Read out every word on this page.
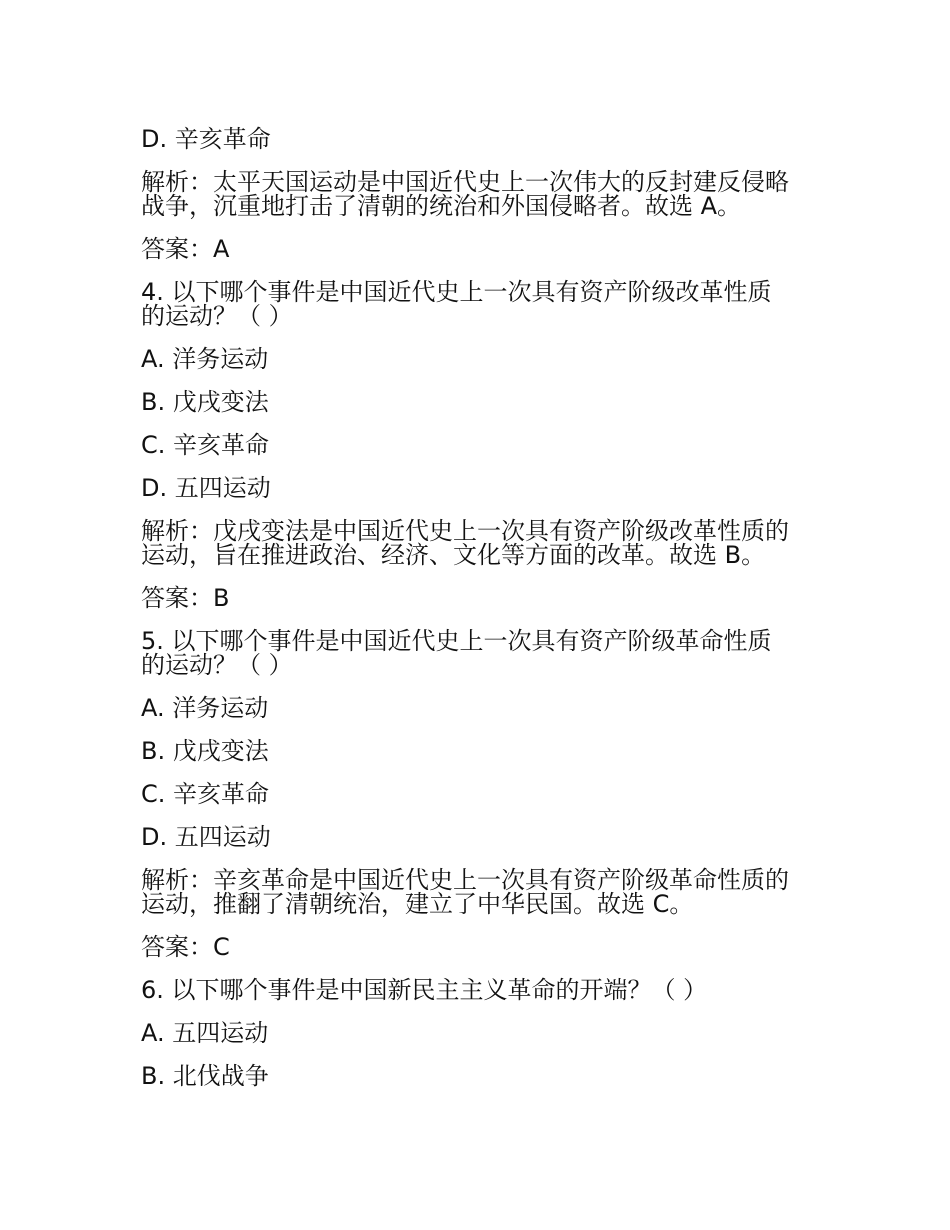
D. 辛亥革命
解析：太平天国运动是中国近代史上一次伟大的反封建反侵略
战争，沉重地打击了清朝的统治和外国侵略者。故选 A。
答案：A
4. 以下哪个事件是中国近代史上一次具有资产阶级改革性质
的运动？（ ）
A. 洋务运动
B. 戊戌变法
C. 辛亥革命
D. 五四运动
解析：戊戌变法是中国近代史上一次具有资产阶级改革性质的
运动，旨在推进政治、经济、文化等方面的改革。故选 B。
答案：B
5. 以下哪个事件是中国近代史上一次具有资产阶级革命性质
的运动？（ ）
A. 洋务运动
B. 戊戌变法
C. 辛亥革命
D. 五四运动
解析：辛亥革命是中国近代史上一次具有资产阶级革命性质的
运动，推翻了清朝统治，建立了中华民国。故选 C。
答案：C
6. 以下哪个事件是中国新民主主义革命的开端？（ ）
A. 五四运动
B. 北伐战争
